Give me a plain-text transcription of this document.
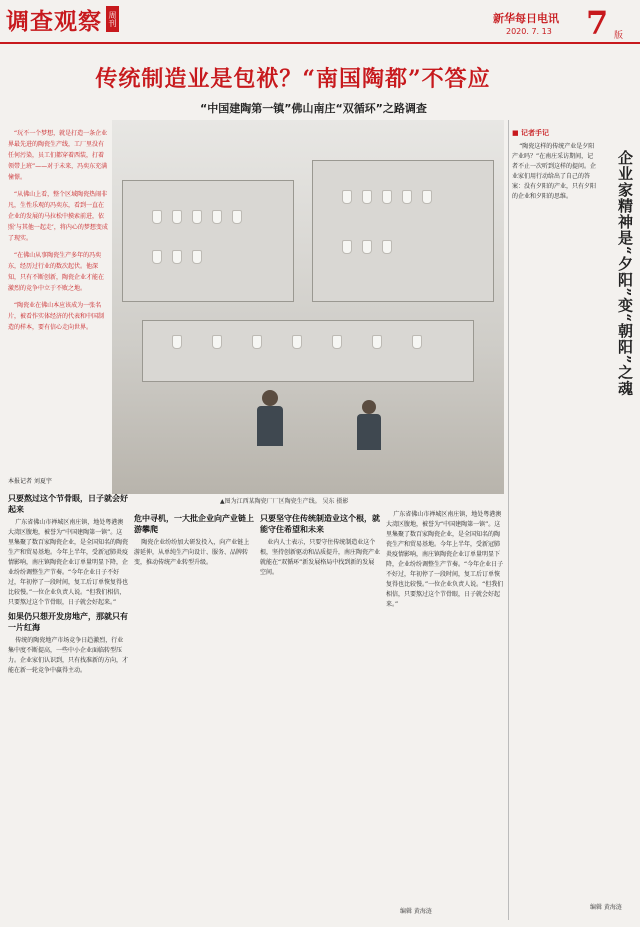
调查观察 周刊	新华每日电讯
2020. 7. 13 7 版
传统制造业是包袱？“南国陶都”不答应
“中国建陶第一镇”佛山南庄“双循环”之路调查

“玩不一个梦想，就是打造一条企业界最先进的陶瓷生产线，工厂里没有任何污染，员工们都穿着西装，打着领带上班”——对于未来，冯奕东充满憧憬。

“从佛山上看，整个区域陶瓷热闹非凡，生性乐观的冯奕东，看到一直在企业的发展的马拉松中摸索前进，依照‘与其他一起走’，将内心的梦想变成了现实。

“在佛山从事陶瓷生产多年的冯奕东，经历过行业的数次起伏。他深知，只有不断创新，陶瓷企业才能在激烈的竞争中立于不败之地。

“陶瓷业在佛山本应该成为一张名片，被看作实体经济的代表和中国制造的样本，要有信心走向世界。

本报记者 刘夏宇
▲图为江西某陶瓷厂厂区陶瓷生产线。 吴东 摄影
只要熬过这个节骨眼，日子就会好起来

广东省佛山市禅城区南庄镇，地处粤港澳大湾区腹地，被誉为“中国建陶第一镇”。这里集聚了数百家陶瓷企业，是全国知名的陶瓷生产和贸易基地。今年上半年，受新冠肺炎疫情影响，南庄镇陶瓷企业订单量明显下降，企业纷纷调整生产节奏。“今年企业日子不好过，年初停了一段时间，复工后订单恢复得也比较慢。”一位企业负责人说。“但我们相信，只要熬过这个节骨眼，日子就会好起来。”

如果仍只想开发房地产，那就只有一片红海

传统的陶瓷地产市场竞争日趋激烈，行业集中度不断提高，一些中小企业面临转型压力。企业家们认识到，只有找准新的方向，才能在新一轮竞争中赢得主动。

危中寻机，一大批企业向产业链上游攀爬

陶瓷企业纷纷加大研发投入，向产业链上游延伸，从单纯生产向设计、服务、品牌转变，推动传统产业转型升级。

只要坚守住传统制造业这个根，就能守住希望和未来

业内人士表示，只要守住传统制造业这个根，坚持创新驱动和品质提升，南庄陶瓷产业就能在“双循环”新发展格局中找到新的发展空间。

广东省佛山市禅城区南庄镇，地处粤港澳大湾区腹地，被誉为“中国建陶第一镇”。这里集聚了数百家陶瓷企业，是全国知名的陶瓷生产和贸易基地。今年上半年，受新冠肺炎疫情影响，南庄镇陶瓷企业订单量明显下降，企业纷纷调整生产节奏。“今年企业日子不好过，年初停了一段时间，复工后订单恢复得也比较慢。”一位企业负责人说。“但我们相信，只要熬过这个节骨眼，日子就会好起来。”

编辑 黄海涟
■ 记者手记
企业家精神是“夕阳”变“朝阳”之魂

“陶瓷这样的传统产业是夕阳产业吗？”在南庄采访期间，记者不止一次听到这样的提问。企业家们用行动给出了自己的答案：没有夕阳的产业，只有夕阳的企业和夕阳的思维。

编辑 黄海涟
